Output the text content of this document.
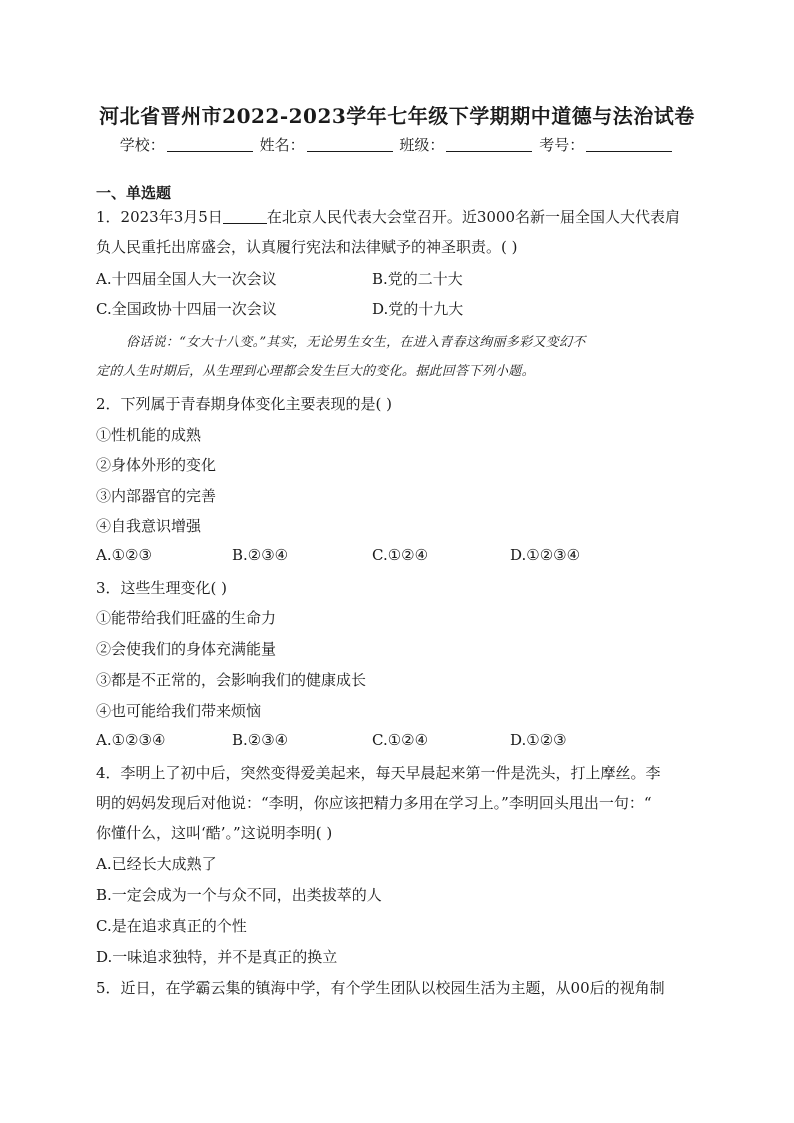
河北省晋州市2022-2023学年七年级下学期期中道德与法治试卷
学校：	姓名：	班级：	考号：
一、单选题
1．2023年3月5日	在北京人民代表大会堂召开。近3000名新一届全国人大代表肩
负人民重托出席盛会，认真履行宪法和法律赋予的神圣职责。( )
A.十四届全国人大一次会议	B.党的二十大
C.全国政协十四届一次会议	D.党的十九大
俗话说：“女大十八变。”其实，无论男生女生，在进入青春这绚丽多彩又变幻不
定的人生时期后，从生理到心理都会发生巨大的变化。据此回答下列小题。
2．下列属于青春期身体变化主要表现的是( )
①性机能的成熟
②身体外形的变化
③内部器官的完善
④自我意识增强
A.①②③	B.②③④	C.①②④	D.①②③④
3．这些生理变化( )
①能带给我们旺盛的生命力
②会使我们的身体充满能量
③都是不正常的，会影响我们的健康成长
④也可能给我们带来烦恼
A.①②③④	B.②③④	C.①②④	D.①②③
4．李明上了初中后，突然变得爱美起来，每天早晨起来第一件是洗头，打上摩丝。李
明的妈妈发现后对他说：“李明，你应该把精力多用在学习上。”李明回头甩出一句：“
你懂什么，这叫‘酷’。”这说明李明( )
A.已经长大成熟了
B.一定会成为一个与众不同，出类拔萃的人
C.是在追求真正的个性
D.一味追求独特，并不是真正的换立
5．近日，在学霸云集的镇海中学，有个学生团队以校园生活为主题，从00后的视角制
